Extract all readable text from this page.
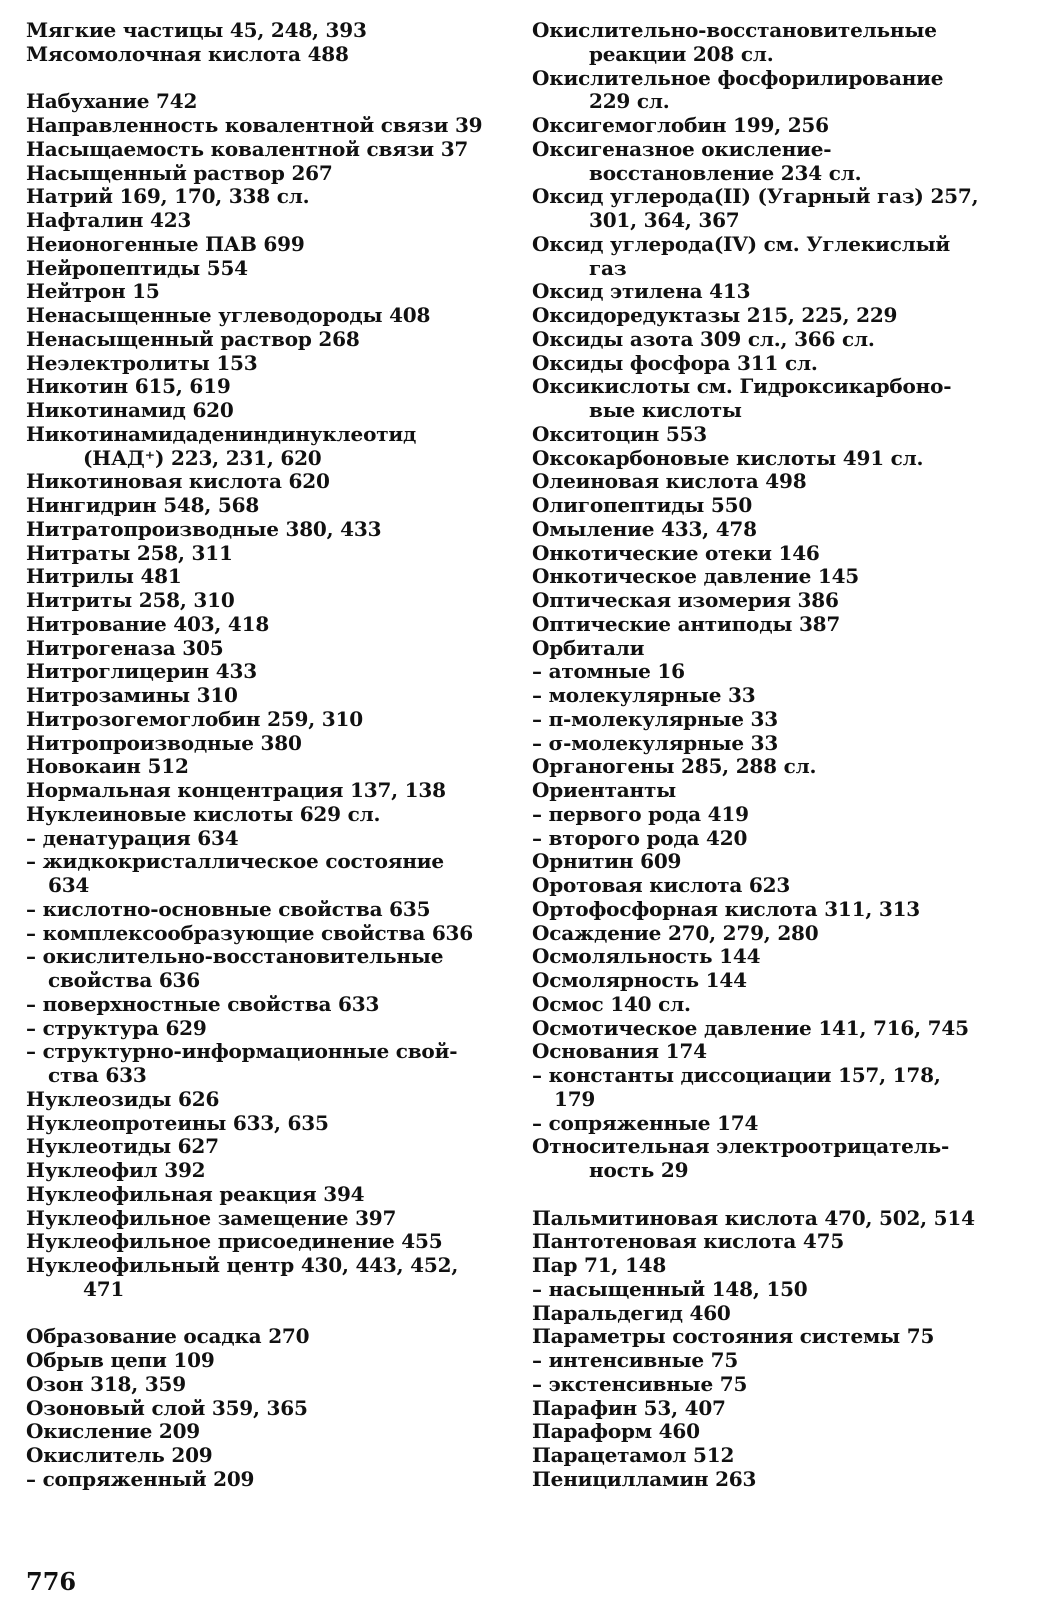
Мягкие частицы 45, 248, 393
Мясомолочная кислота 488
Набухание 742
Направленность ковалентной связи 39
Насыщаемость ковалентной связи 37
Насыщенный раствор 267
Натрий 169, 170, 338 сл.
Нафталин 423
Неионогенные ПАВ 699
Нейропептиды 554
Нейтрон 15
Ненасыщенные углеводороды 408
Ненасыщенный раствор 268
Неэлектролиты 153
Никотин 615, 619
Никотинамид 620
Никотинамидадениндинуклеотид
(НАД⁺) 223, 231, 620
Никотиновая кислота 620
Нингидрин 548, 568
Нитратопроизводные 380, 433
Нитраты 258, 311
Нитрилы 481
Нитриты 258, 310
Нитрование 403, 418
Нитрогеназа 305
Нитроглицерин 433
Нитрозамины 310
Нитрозогемоглобин 259, 310
Нитропроизводные 380
Новокаин 512
Нормальная концентрация 137, 138
Нуклеиновые кислоты 629 сл.
– денатурация 634
– жидкокристаллическое состояние
634
– кислотно-основные свойства 635
– комплексообразующие свойства 636
– окислительно-восстановительные
свойства 636
– поверхностные свойства 633
– структура 629
– структурно-информационные свой-
ства 633
Нуклеозиды 626
Нуклеопротеины 633, 635
Нуклеотиды 627
Нуклеофил 392
Нуклеофильная реакция 394
Нуклеофильное замещение 397
Нуклеофильное присоединение 455
Нуклеофильный центр 430, 443, 452,
471
Образование осадка 270
Обрыв цепи 109
Озон 318, 359
Озоновый слой 359, 365
Окисление 209
Окислитель 209
– сопряженный 209
Окислительно-восстановительные
реакции 208 сл.
Окислительное фосфорилирование
229 сл.
Оксигемоглобин 199, 256
Оксигеназное окисление-
восстановление 234 сл.
Оксид углерода(II) (Угарный газ) 257,
301, 364, 367
Оксид углерода(IV) см. Углекислый
газ
Оксид этилена 413
Оксидоредуктазы 215, 225, 229
Оксиды азота 309 сл., 366 сл.
Оксиды фосфора 311 сл.
Оксикислоты см. Гидроксикарбоно-
вые кислоты
Окситоцин 553
Оксокарбоновые кислоты 491 сл.
Олеиновая кислота 498
Олигопептиды 550
Омыление 433, 478
Онкотические отеки 146
Онкотическое давление 145
Оптическая изомерия 386
Оптические антиподы 387
Орбитали
– атомные 16
– молекулярные 33
– π-молекулярные 33
– σ-молекулярные 33
Органогены 285, 288 сл.
Ориентанты
– первого рода 419
– второго рода 420
Орнитин 609
Оротовая кислота 623
Ортофосфорная кислота 311, 313
Осаждение 270, 279, 280
Осмоляльность 144
Осмолярность 144
Осмос 140 сл.
Осмотическое давление 141, 716, 745
Основания 174
– константы диссоциации 157, 178,
179
– сопряженные 174
Относительная электроотрицатель-
ность 29
Пальмитиновая кислота 470, 502, 514
Пантотеновая кислота 475
Пар 71, 148
– насыщенный 148, 150
Паральдегид 460
Параметры состояния системы 75
– интенсивные 75
– экстенсивные 75
Парафин 53, 407
Параформ 460
Парацетамол 512
Пеницилламин 263
776
